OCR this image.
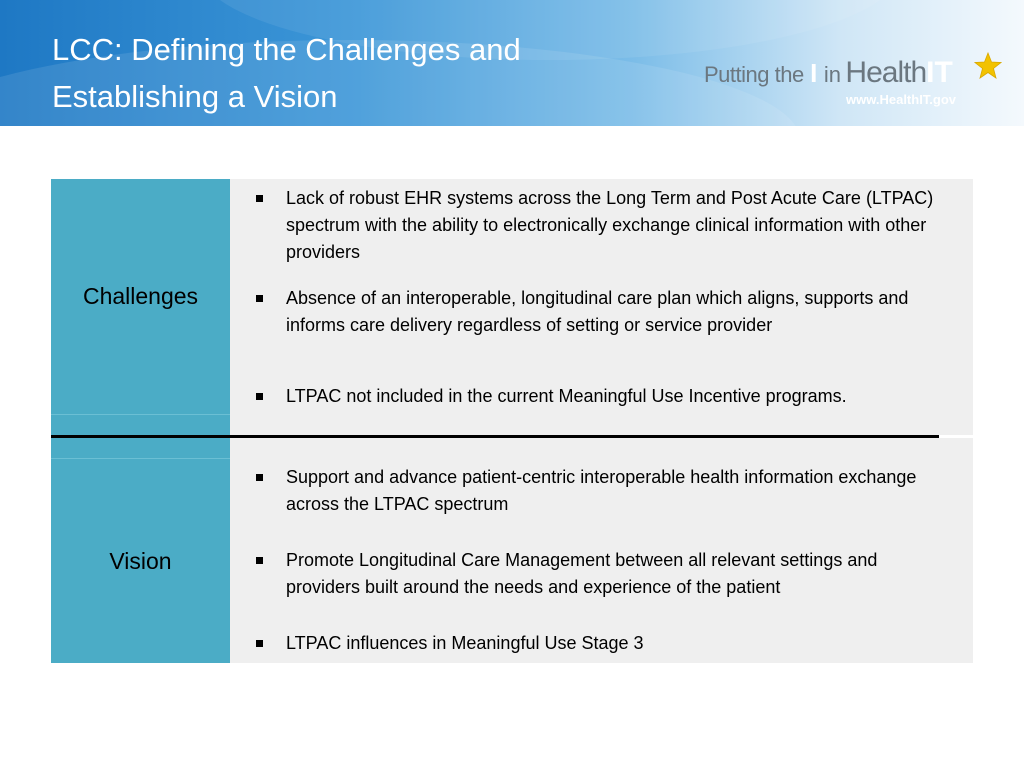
LCC: Defining the Challenges and
Establishing a Vision
Putting the I in HealthIT
www.HealthIT.gov
Challenges
Lack of robust EHR systems across the Long Term and Post Acute Care (LTPAC) spectrum with the ability to electronically exchange clinical information with other providers
Absence of an interoperable, longitudinal care plan which aligns, supports and informs care delivery regardless of setting or service provider
LTPAC not included in the current Meaningful Use Incentive programs.
Vision
Support and advance patient-centric interoperable health information exchange across the LTPAC spectrum
Promote Longitudinal Care Management between all relevant settings and providers built around the needs and experience of the patient
LTPAC influences in Meaningful Use Stage 3
